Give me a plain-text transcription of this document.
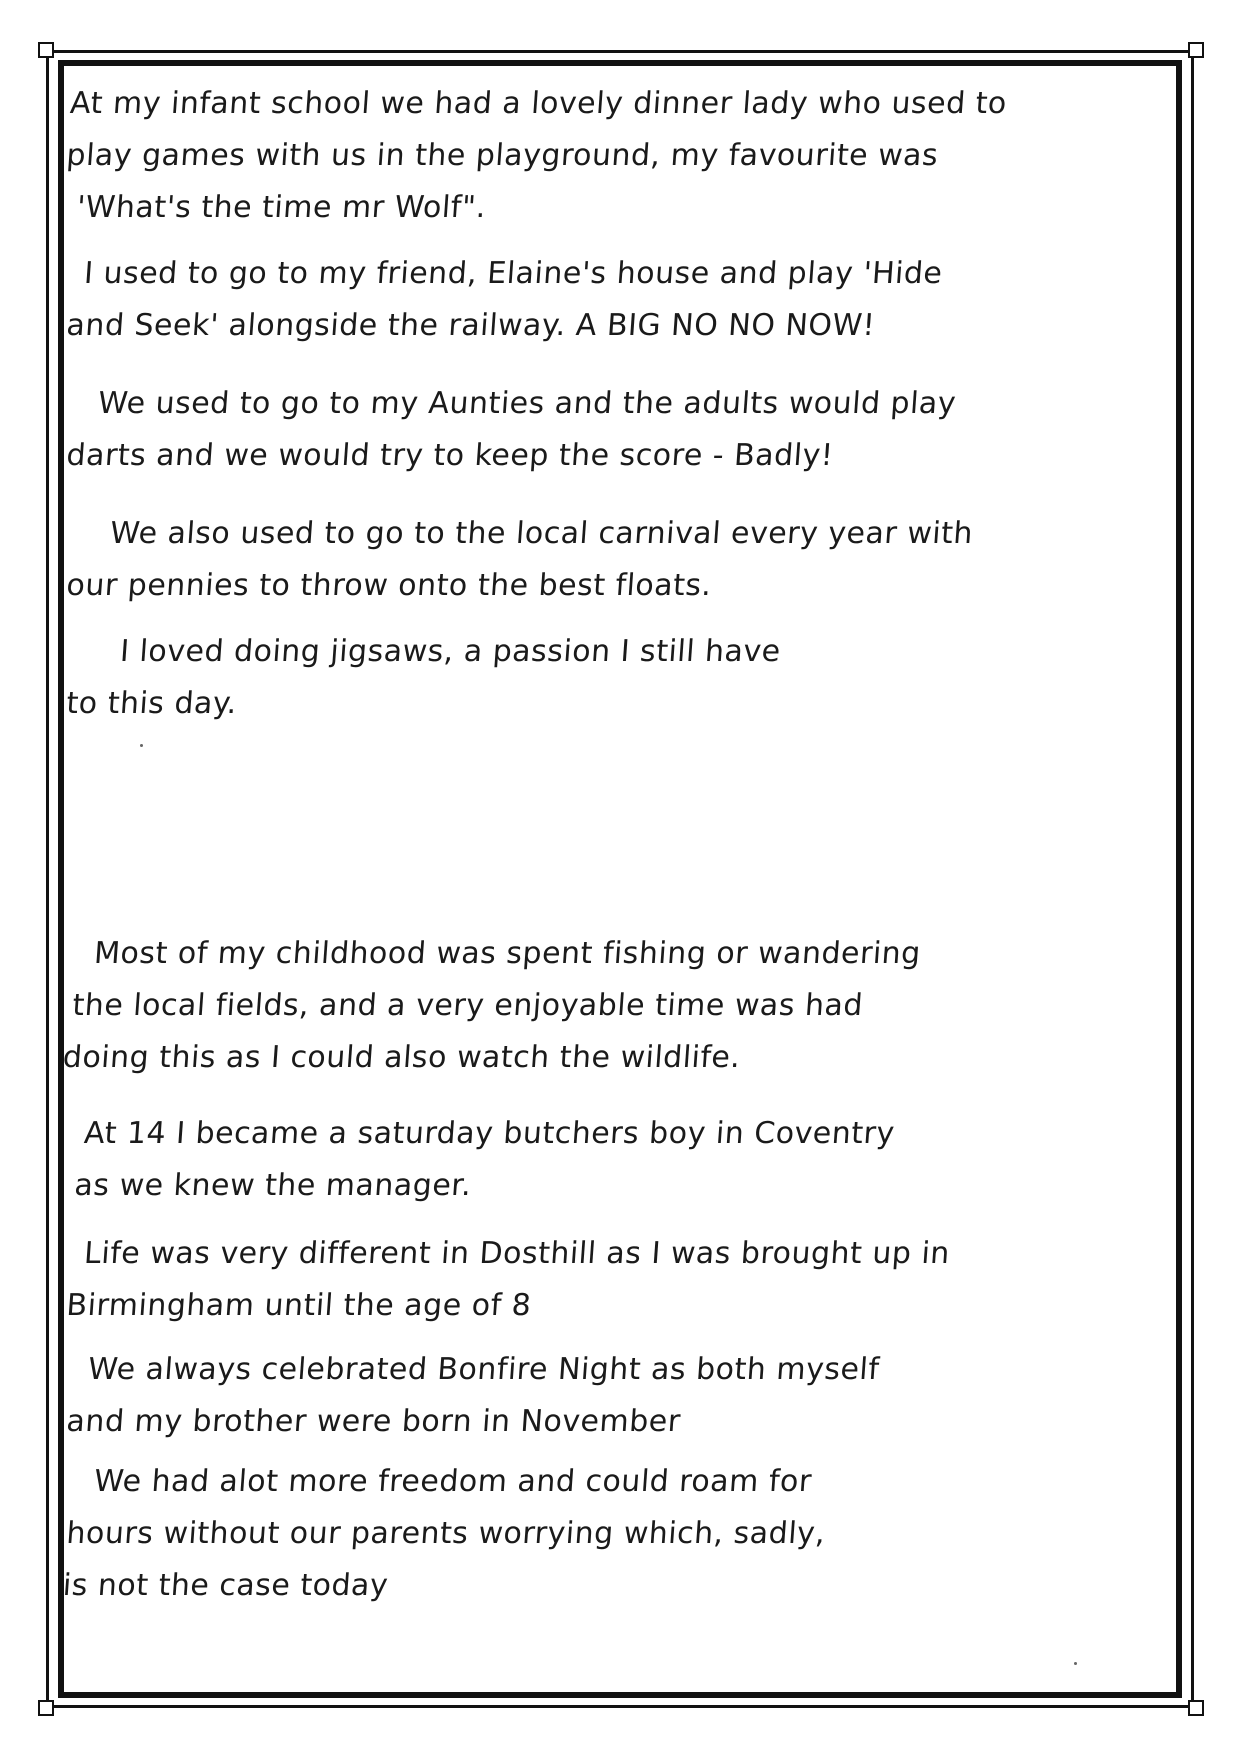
At my infant school we had a lovely dinner lady who used to
play games with us in the playground, my favourite was
'What's the time mr Wolf".
I used to go to my friend, Elaine's house and play 'Hide
and Seek' alongside the railway. A BIG NO NO NOW!
We used to go to my Aunties and the adults would play
darts and we would try to keep the score - Badly!
We also used to go to the local carnival every year with
our pennies to throw onto the best floats.
I loved doing jigsaws, a passion I still have
to this day.
Most of my childhood was spent fishing or wandering
the local fields, and a very enjoyable time was had
doing this as I could also watch the wildlife.
At 14 I became a saturday butchers boy in Coventry
as we knew the manager.
Life was very different in Dosthill as I was brought up in
Birmingham until the age of 8
We always celebrated Bonfire Night as both myself
and my brother were born in November
We had alot more freedom and could roam for
hours without our parents worrying which, sadly,
is not the case today
